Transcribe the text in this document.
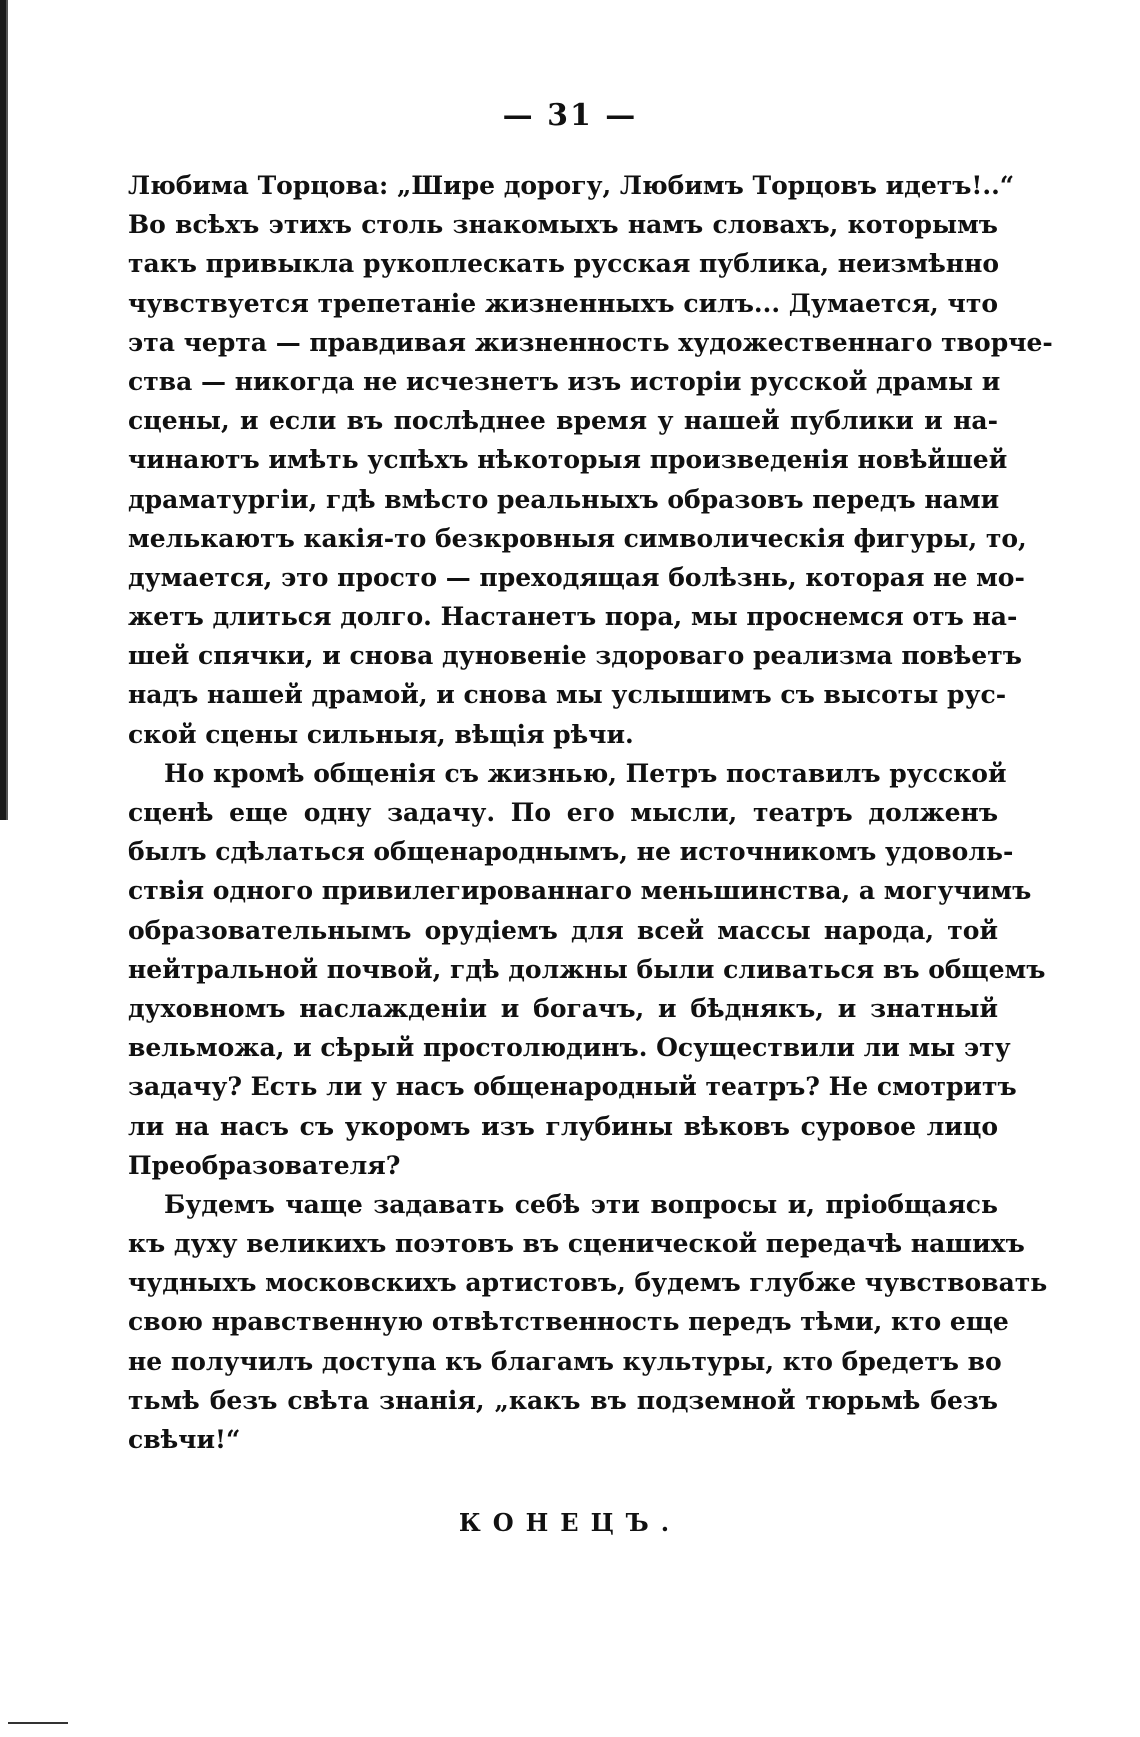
— 31 —
Любима Торцова: „Шире дорогу, Любимъ Торцовъ идетъ!..“
Во всѣхъ этихъ столь знакомыхъ намъ словахъ, которымъ
такъ привыкла рукоплескать русская публика, неизмѣнно
чувствуется трепетаніе жизненныхъ силъ... Думается, что
эта черта — правдивая жизненность художественнаго творче-
ства — никогда не исчезнетъ изъ исторіи русской драмы и
сцены, и если въ послѣднее время у нашей публики и на-
чинаютъ имѣть успѣхъ нѣкоторыя произведенія новѣйшей
драматургіи, гдѣ вмѣсто реальныхъ образовъ передъ нами
мелькаютъ какія-то безкровныя символическія фигуры, то,
думается, это просто — преходящая болѣзнь, которая не мо-
жетъ длиться долго. Настанетъ пора, мы проснемся отъ на-
шей спячки, и снова дуновеніе здороваго реализма повѣетъ
надъ нашей драмой, и снова мы услышимъ съ высоты рус-
ской сцены сильныя, вѣщія рѣчи.
Но кромѣ общенія съ жизнью, Петръ поставилъ русской
сценѣ еще одну задачу. По его мысли, театръ долженъ
былъ сдѣлаться общенароднымъ, не источникомъ удоволь-
ствія одного привилегированнаго меньшинства, а могучимъ
образовательнымъ орудіемъ для всей массы народа, той
нейтральной почвой, гдѣ должны были сливаться въ общемъ
духовномъ наслажденіи и богачъ, и бѣднякъ, и знатный
вельможа, и сѣрый простолюдинъ. Осуществили ли мы эту
задачу? Есть ли у насъ общенародный театръ? Не смотритъ
ли на насъ съ укоромъ изъ глубины вѣковъ суровое лицо
Преобразователя?
Будемъ чаще задавать себѣ эти вопросы и, пріобщаясь
къ духу великихъ поэтовъ въ сценической передачѣ нашихъ
чудныхъ московскихъ артистовъ, будемъ глубже чувствовать
свою нравственную отвѣтственность передъ тѣми, кто еще
не получилъ доступа къ благамъ культуры, кто бредетъ во
тьмѣ безъ свѣта знанія, „какъ въ подземной тюрьмѣ безъ
свѣчи!“
КОНЕЦЪ.
